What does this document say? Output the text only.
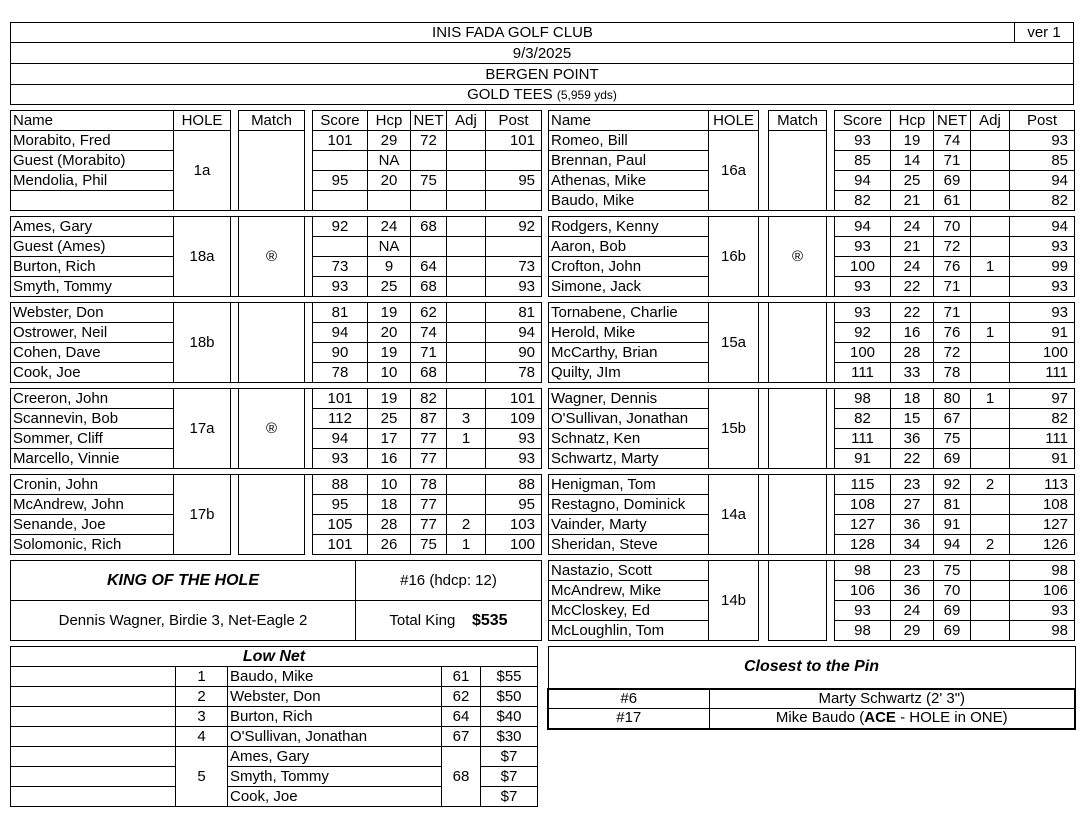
INIS FADA GOLF CLUB	ver 1
9/3/2025
BERGEN POINT
GOLD TEES
(5,959 yds)
Name	HOLE		Match		Score	Hcp	NET	Adj	Post
Morabito, Fred	1a				101	29	72		101
Guest (Morabito)						NA			
Mendolia, Phil					95	20	75		95

Ames, Gary	18a		®		92	24	68		92
Guest (Ames)						NA			
Burton, Rich					73	9	64		73
Smyth, Tommy					93	25	68		93

Webster, Don	18b				81	19	62		81
Ostrower, Neil					94	20	74		94
Cohen, Dave					90	19	71		90
Cook, Joe					78	10	68		78

Creeron, John	17a		®		101	19	82		101
Scannevin, Bob					112	25	87	3	109
Sommer, Cliff					94	17	77	1	93
Marcello, Vinnie					93	16	77		93

Cronin, John	17b				88	10	78		88
McAndrew, John					95	18	77		95
Senande, Joe					105	28	77	2	103
Solomonic, Rich					101	26	75	1	100
Name	HOLE		Match		Score	Hcp	NET	Adj	Post
Romeo, Bill	16a				93	19	74		93
Brennan, Paul					85	14	71		85
Athenas, Mike					94	25	69		94
Baudo, Mike					82	21	61		82

Rodgers, Kenny	16b		®		94	24	70		94
Aaron, Bob					93	21	72		93
Crofton, John					100	24	76	1	99
Simone, Jack					93	22	71		93

Tornabene, Charlie	15a				93	22	71		93
Herold, Mike					92	16	76	1	91
McCarthy, Brian					100	28	72		100
Quilty, JIm					111	33	78		111

Wagner, Dennis	15b				98	18	80	1	97
O'Sullivan, Jonathan					82	15	67		82
Schnatz, Ken					111	36	75		111
Schwartz, Marty					91	22	69		91

Henigman, Tom	14a				115	23	92	2	113
Restagno, Dominick					108	27	81		108
Vainder, Marty					127	36	91		127
Sheridan, Steve					128	34	94	2	126

Nastazio, Scott	14b				98	23	75		98
McAndrew, Mike					106	36	70		106
McCloskey, Ed					93	24	69		93
McLoughlin, Tom					98	29	69		98
KING OF THE HOLE	#16 (hdcp: 12)
Dennis Wagner, Birdie 3, Net-Eagle 2	Total King $535
Low Net				
	1	Baudo, Mike	61	$55
	2	Webster, Don	62	$50
	3	Burton, Rich	64	$40
	4	O'Sullivan, Jonathan	67	$30
	5	Ames, Gary	68	$7
		Smyth, Tommy		$7
		Cook, Joe		$7
Closest to the Pin	
#6	Marty Schwartz (2' 3")
#17	Mike Baudo (ACE - HOLE in ONE)
